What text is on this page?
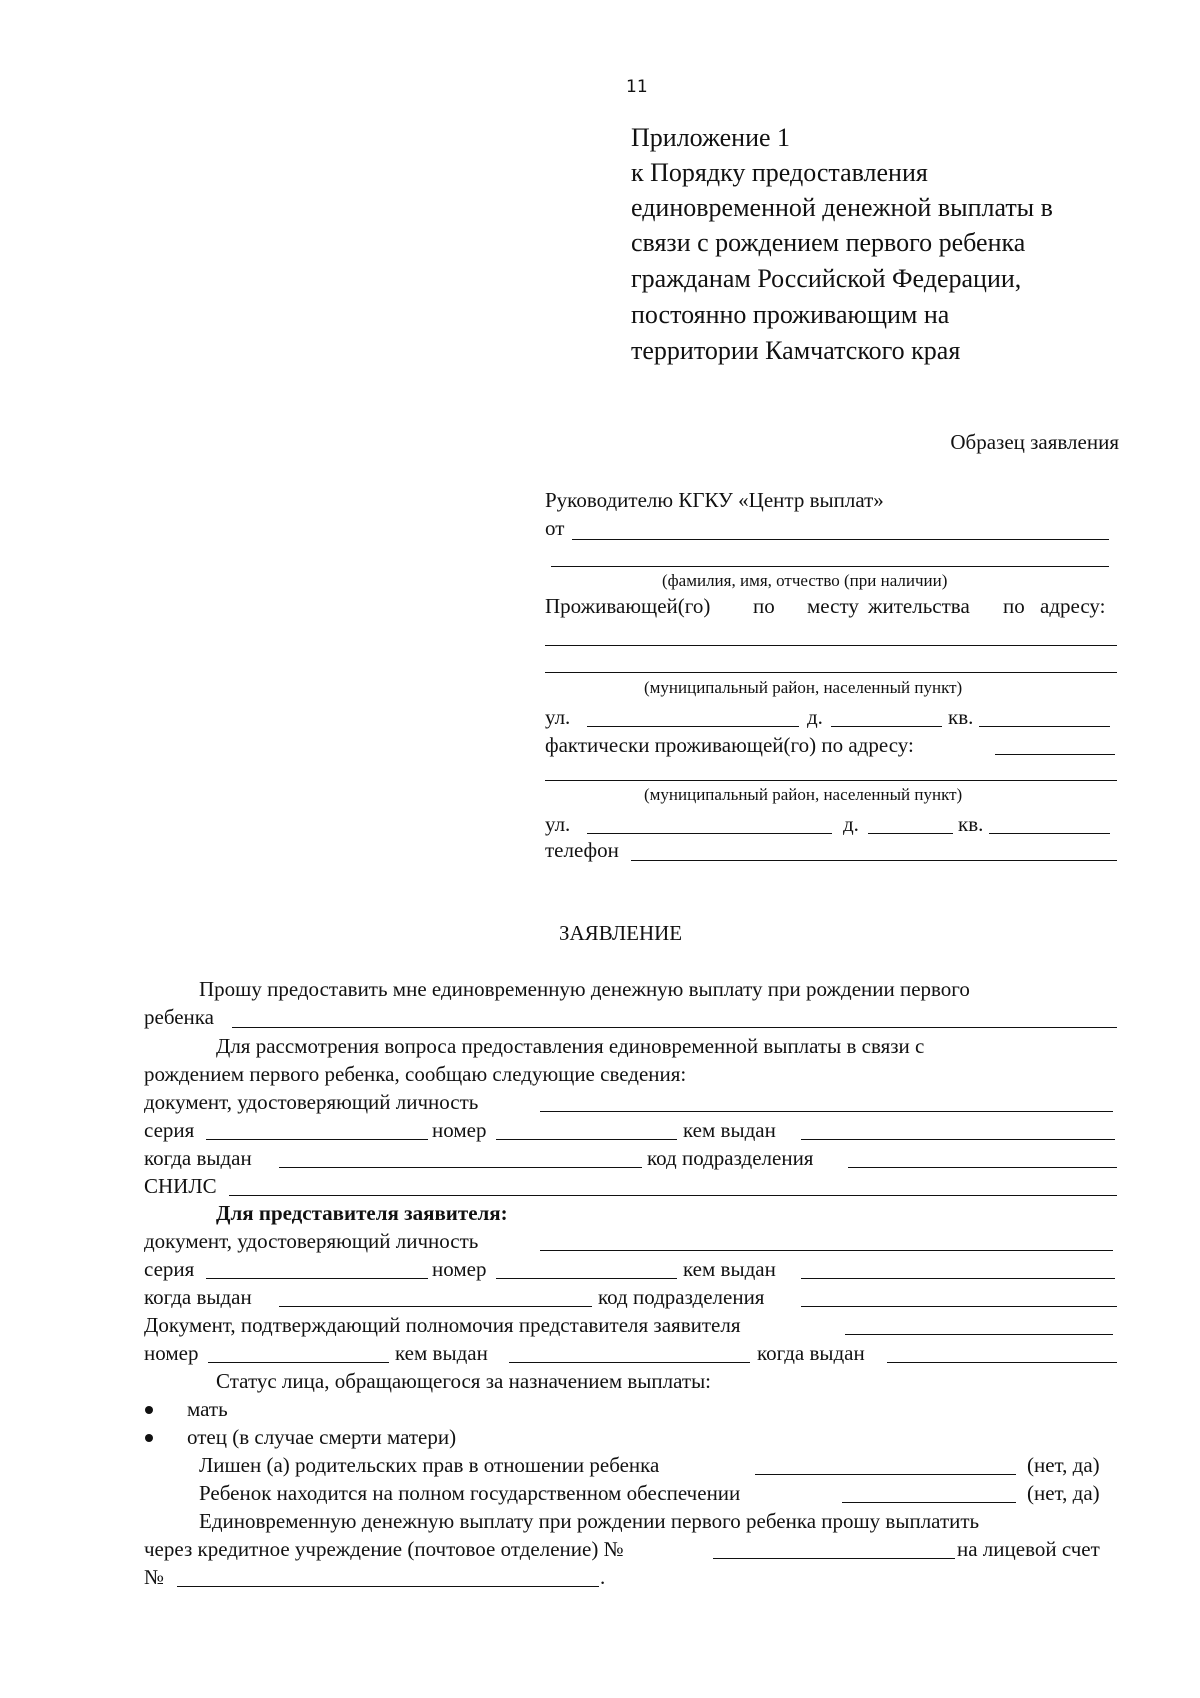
11
Приложение 1
к Порядку предоставления
единовременной денежной выплаты в
связи с рождением первого ребенка
гражданам Российской Федерации,
постоянно проживающим на
территории Камчатского края
Образец заявления
Руководителю КГКУ «Центр выплат»
от
(фамилия, имя, отчество (при наличии)
Проживающей(го) по месту жительства по адресу:
(муниципальный район, населенный пункт)
ул.	д.	кв.
фактически проживающей(го) по адресу:
(муниципальный район, населенный пункт)
ул.	д.	кв.
телефон
ЗАЯВЛЕНИЕ
Прошу предоставить мне единовременную денежную выплату при рождении первого
ребенка
Для рассмотрения вопроса предоставления единовременной выплаты в связи с
рождением первого ребенка, сообщаю следующие сведения:
документ, удостоверяющий личность
серия	номер	кем выдан
когда выдан	код подразделения
СНИЛС
Для представителя заявителя:
документ, удостоверяющий личность
серия	номер	кем выдан
когда выдан	код подразделения
Документ, подтверждающий полномочия представителя заявителя
номер	кем выдан	когда выдан
Статус лица, обращающегося за назначением выплаты:
мать
отец (в случае смерти матери)
Лишен (а) родительских прав в отношении ребенка	(нет, да)
Ребенок находится на полном государственном обеспечении	(нет, да)
Единовременную денежную выплату при рождении первого ребенка прошу выплатить
через кредитное учреждение (почтовое отделение) №	на лицевой счет
№	.
